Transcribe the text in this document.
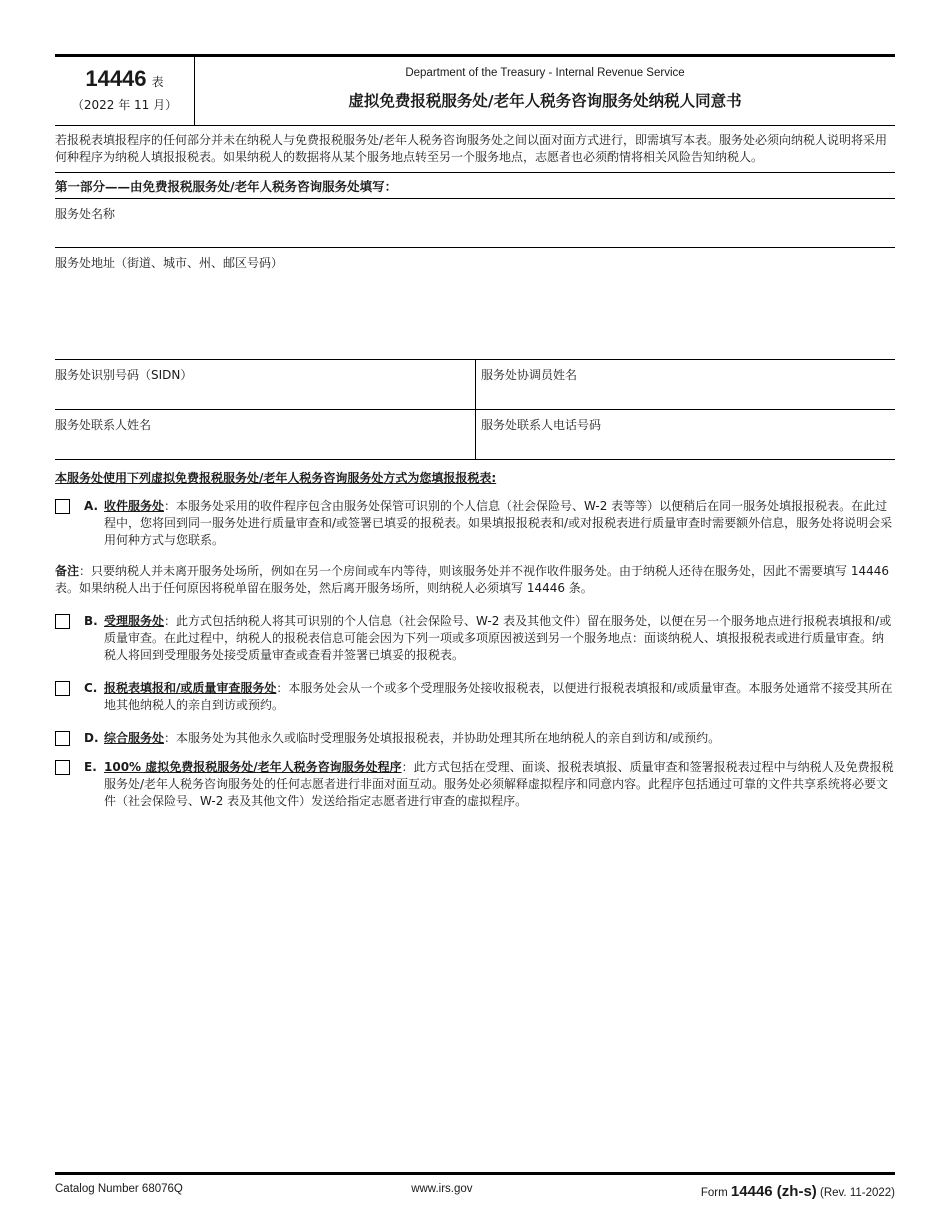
14446 表
（2022 年 11 月）
Department of the Treasury - Internal Revenue Service
虚拟免费报税服务处/老年人税务咨询服务处纳税人同意书
若报税表填报程序的任何部分并未在纳税人与免费报税服务处/老年人税务咨询服务处之间以面对面方式进行，即需填写本表。服务处必须向纳税人说明将采用何种程序为纳税人填报报税表。如果纳税人的数据将从某个服务地点转至另一个服务地点，志愿者也必须酌情将相关风险告知纳税人。
第一部分——由免费报税服务处/老年人税务咨询服务处填写：
服务处名称
服务处地址（街道、城市、州、邮区号码）
服务处识别号码（SIDN）	服务处协调员姓名
服务处联系人姓名	服务处联系人电话号码
本服务处使用下列虚拟免费报税服务处/老年人税务咨询服务处方式为您填报报税表:
A. 收件服务处：本服务处采用的收件程序包含由服务处保管可识别的个人信息（社会保险号、W-2 表等等）以便稍后在同一服务处填报报税表。在此过程中，您将回到同一服务处进行质量审查和/或签署已填妥的报税表。如果填报报税表和/或对报税表进行质量审查时需要额外信息，服务处将说明会采用何种方式与您联系。
备注：只要纳税人并未离开服务处场所，例如在另一个房间或车内等待，则该服务处并不视作收件服务处。由于纳税人还待在服务处，因此不需要填写 14446 表。如果纳税人出于任何原因将税单留在服务处，然后离开服务场所，则纳税人必须填写 14446 条。
B. 受理服务处：此方式包括纳税人将其可识别的个人信息（社会保险号、W-2 表及其他文件）留在服务处，以便在另一个服务地点进行报税表填报和/或质量审查。在此过程中，纳税人的报税表信息可能会因为下列一项或多项原因被送到另一个服务地点：面谈纳税人、填报报税表或进行质量审查。纳税人将回到受理服务处接受质量审查或查看并签署已填妥的报税表。
C. 报税表填报和/或质量审查服务处：本服务处会从一个或多个受理服务处接收报税表，以便进行报税表填报和/或质量审查。本服务处通常不接受其所在地其他纳税人的亲自到访或预约。
D. 综合服务处：本服务处为其他永久或临时受理服务处填报报税表，并协助处理其所在地纳税人的亲自到访和/或预约。
E. 100% 虚拟免费报税服务处/老年人税务咨询服务处程序：此方式包括在受理、面谈、报税表填报、质量审查和签署报税表过程中与纳税人及免费报税服务处/老年人税务咨询服务处的任何志愿者进行非面对面互动。服务处必须解释虚拟程序和同意内容。此程序包括通过可靠的文件共享系统将必要文件（社会保险号、W-2 表及其他文件）发送给指定志愿者进行审查的虚拟程序。
Catalog Number 68076Q	www.irs.gov	Form 14446 (zh-s) (Rev. 11-2022)
